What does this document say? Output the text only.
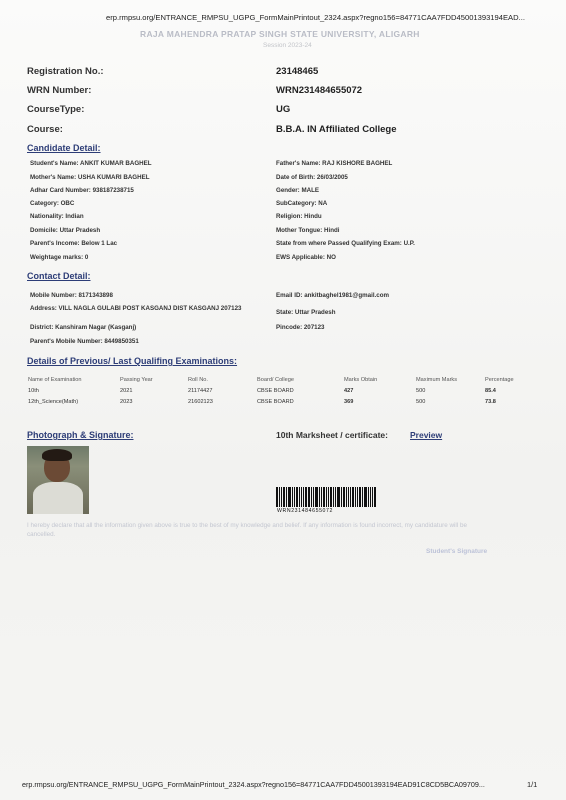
erp.rmpsu.org/ENTRANCE_RMPSU_UGPG_FormMainPrintout_2324.aspx?regno156=84771CAA7FDD45001393194EAD...
RAJA MAHENDRA PRATAP SINGH STATE UNIVERSITY, ALIGARH
Session 2023-24
Registration No.:	23148465
WRN Number:	WRN231484655072
CourseType:	UG
Course:	B.B.A. IN Affiliated College
Candidate Detail:
Student's Name: ANKIT KUMAR BAGHEL	Father's Name: RAJ KISHORE BAGHEL
Mother's Name: USHA KUMARI BAGHEL	Date of Birth: 26/03/2005
Adhar Card Number: 938187238715	Gender: MALE
Category: OBC	SubCategory: NA
Nationality: Indian	Religion: Hindu
Domicile: Uttar Pradesh	Mother Tongue: Hindi
Parent's Income: Below 1 Lac	State from where Passed Qualifying Exam: U.P.
Weightage marks: 0	EWS Applicable: NO
Contact Detail:
Mobile Number: 8171343898	Email ID: ankitbaghel1981@gmail.com
Address: VILL NAGLA GULABI POST KASGANJ DIST KASGANJ 207123
State: Uttar Pradesh
District: Kanshiram Nagar (Kasganj)	Pincode: 207123
Parent's Mobile Number: 8449850351
Details of Previous/ Last Qualifing Examinations:
Name of Examination	Passing Year	Roll No.	Board/ College	Marks Obtain	Maximum Marks	Percentage
10th	2021	21174427	CBSE BOARD	427	500	85.4
12th_Science(Math)	2023	21602123	CBSE BOARD	369	500	73.8
Photograph & Signature:	10th Marksheet / certificate:	Preview
WRN231484655072
I hereby declare that all the information given above is true to the best of my knowledge and belief. If any information is found incorrect, my candidature will be cancelled.
Student's Signature
erp.rmpsu.org/ENTRANCE_RMPSU_UGPG_FormMainPrintout_2324.aspx?regno156=84771CAA7FDD45001393194EAD91C8CD5BCA09709...	1/1
